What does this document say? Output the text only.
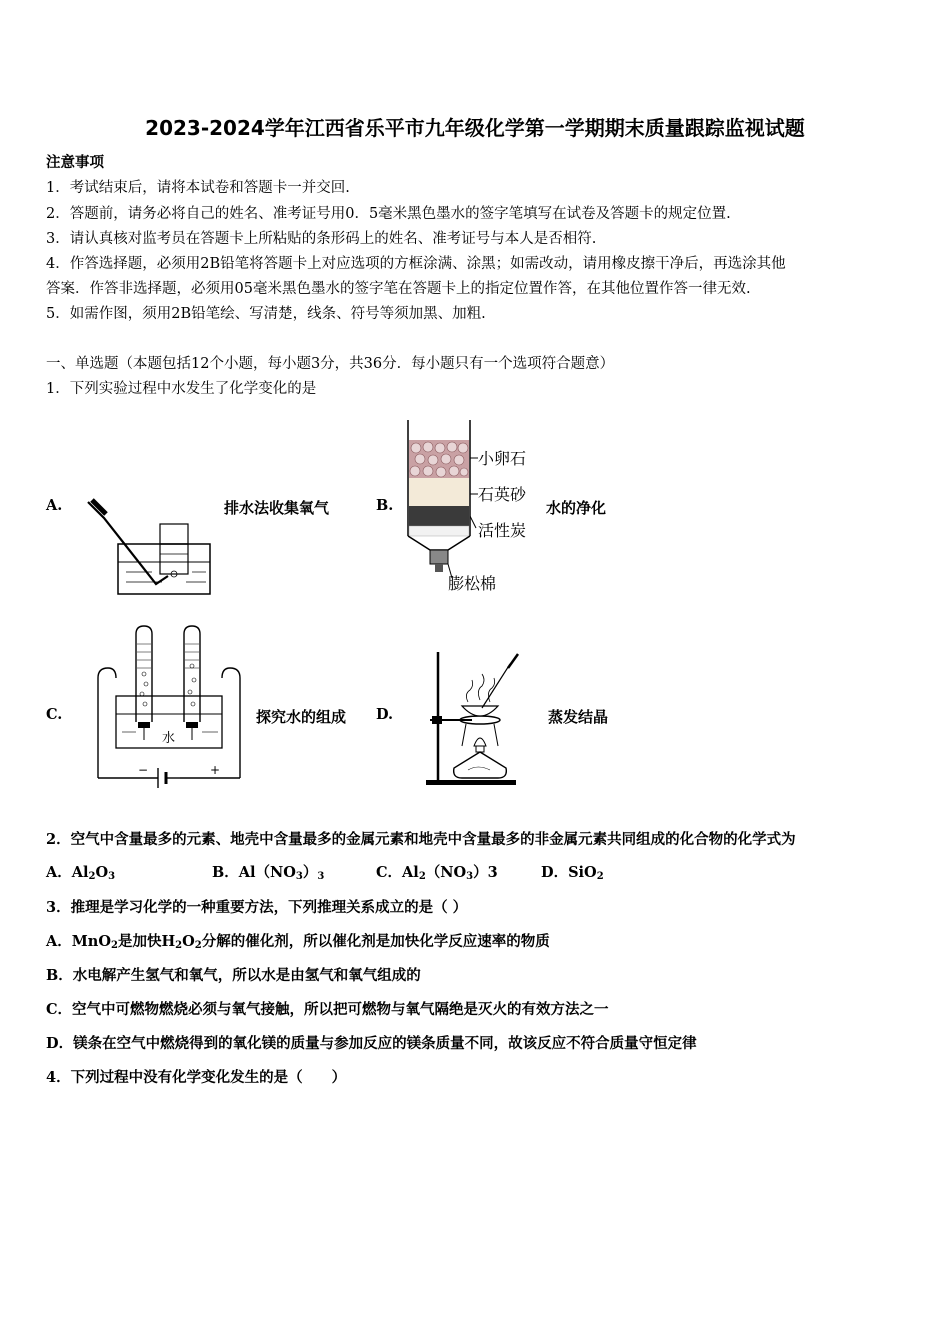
2023-2024学年江西省乐平市九年级化学第一学期期末质量跟踪监视试题
注意事项
1．考试结束后，请将本试卷和答题卡一并交回.
2．答题前，请务必将自己的姓名、准考证号用0．5毫米黑色墨水的签字笔填写在试卷及答题卡的规定位置.
3．请认真核对监考员在答题卡上所粘贴的条形码上的姓名、准考证号与本人是否相符.
4．作答选择题，必须用2B铅笔将答题卡上对应选项的方框涂满、涂黑；如需改动，请用橡皮擦干净后，再选涂其他
答案．作答非选择题，必须用05毫米黑色墨水的签字笔在答题卡上的指定位置作答，在其他位置作答一律无效.
5．如需作图，须用2B铅笔绘、写清楚，线条、符号等须加黑、加粗.
一、单选题（本题包括12个小题，每小题3分，共36分．每小题只有一个选项符合题意）
1．下列实验过程中水发生了化学变化的是
A.	排水法收集氧气	B.
小卵石
石英砂
活性炭
膨松棉
水的净化
C.
−	+
水
探究水的组成 D.	蒸发结晶
2．空气中含量最多的元素、地壳中含量最多的金属元素和地壳中含量最多的非金属元素共同组成的化合物的化学式为
A．$Al_2O_3$	B．$Al(NO_3)_3$	C．$Al_2(NO_3)3$	D．SiO$_2$
3．推理是学习化学的一种重要方法，下列推理关系成立的是（ ）
A．MnO$_2$是加快$H_2O_2$分解的催化剂，所以催化剂是加快化学反应速率的物质
B．水电解产生氢气和氧气，所以水是由氢气和氧气组成的
C．空气中可燃物燃烧必须与氧气接触，所以把可燃物与氧气隔绝是灭火的有效方法之一
D．镁条在空气中燃烧得到的氧化镁的质量与参加反应的镁条质量不同，故该反应不符合质量守恒定律
4．下列过程中没有化学变化发生的是（　　）
